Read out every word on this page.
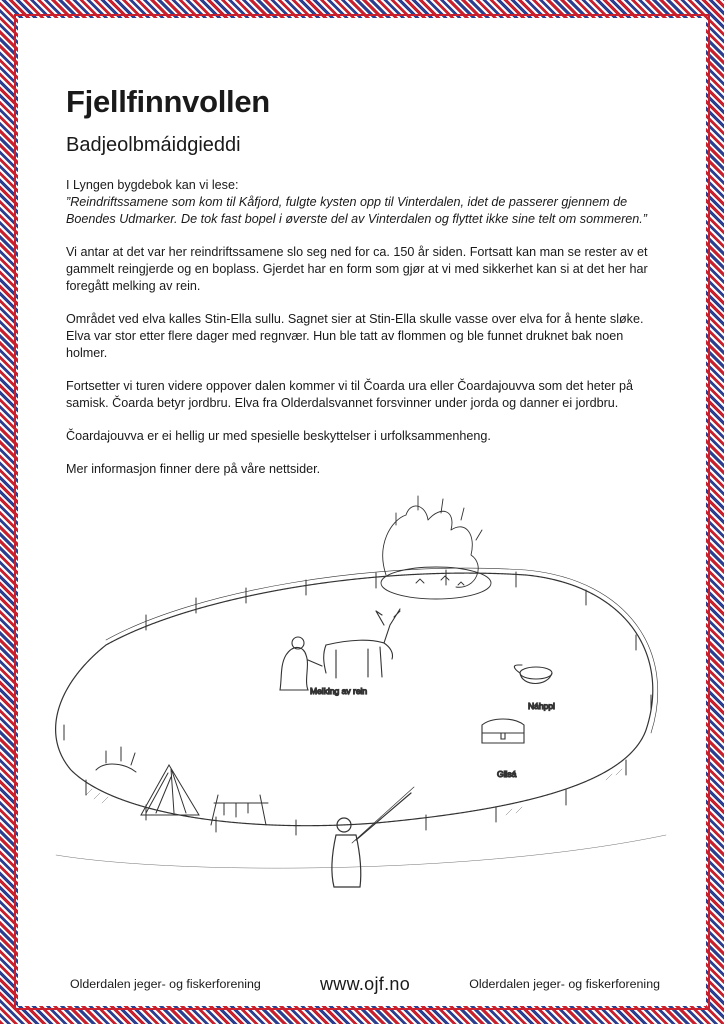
Fjellfinnvollen
Badjeolbmáidgieddi
I Lyngen bygdebok kan vi lese:
”Reindriftssamene som kom til Kåfjord, fulgte kysten opp til Vinterdalen, idet de passerer gjennem de Boendes Udmarker. De tok fast bopel i øverste del av Vinterdalen og flyttet ikke sine telt om sommeren.”

Vi antar at det var her reindriftssamene slo seg ned for ca. 150 år siden. Fortsatt kan man se rester av et gammelt reingjerde og en boplass. Gjerdet har en form som gjør at vi med sikkerhet kan si at det her har foregått melking av rein.

Området ved elva kalles Stin-Ella sullu. Sagnet sier at Stin-Ella skulle vasse over elva for å hente sløke. Elva var stor etter flere dager med regnvær. Hun ble tatt av flommen og ble funnet druknet bak noen holmer.

Fortsetter vi turen videre oppover dalen kommer vi til Čoarda ura eller Čoardajouvva som det heter på samisk. Čoarda betyr jordbru. Elva fra Olderdalsvannet forsvinner under jorda og danner ei jordbru.

Čoardajouvva er ei hellig ur med spesielle beskyttelser i urfolksammenheng.

Mer informasjon finner dere på våre nettsider.

Melking av rein
Náhppi
Giisá
Olderdalen jeger- og fiskerforening	www.ojf.no	Olderdalen jeger- og fiskerforening
